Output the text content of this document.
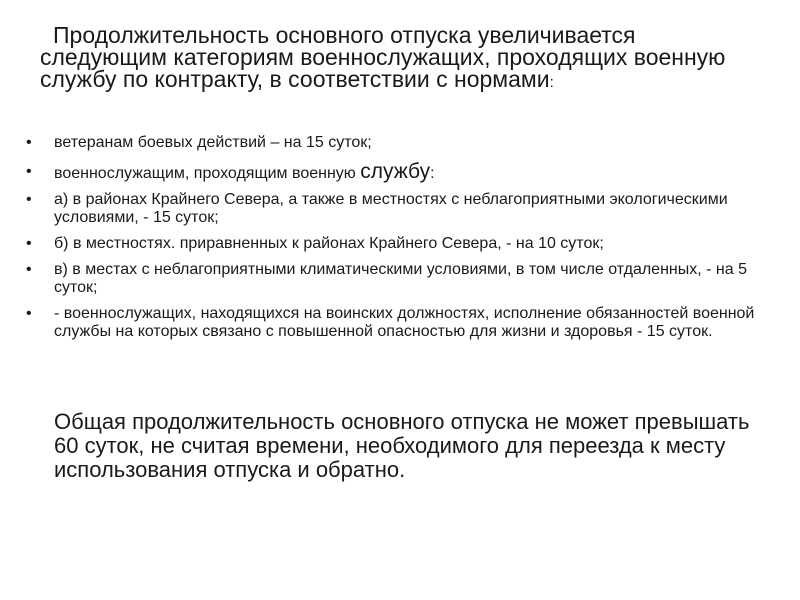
Продолжительность основного отпуска увеличивается следующим категориям военнослужащих, проходящих военную службу по контракту, в соответствии с нормами:
• ветеранам боевых действий – на 15 суток;
• военнослужащим, проходящим военную службу:
• а) в районах Крайнего Севера, а также в местностях с неблагоприятными экологическими условиями, - 15 суток;
• б) в местностях. приравненных к районах Крайнего Севера, - на 10 суток;
• в) в местах с неблагоприятными климатическими условиями, в том числе отдаленных, - на 5 суток;
• - военнослужащих, находящихся на воинских должностях, исполнение обязанностей военной службы на которых связано с повышенной опасностью для жизни и здоровья - 15 суток.
Общая продолжительность основного отпуска не может превышать 60 суток, не считая времени, необходимого для переезда к месту использования отпуска и обратно.
